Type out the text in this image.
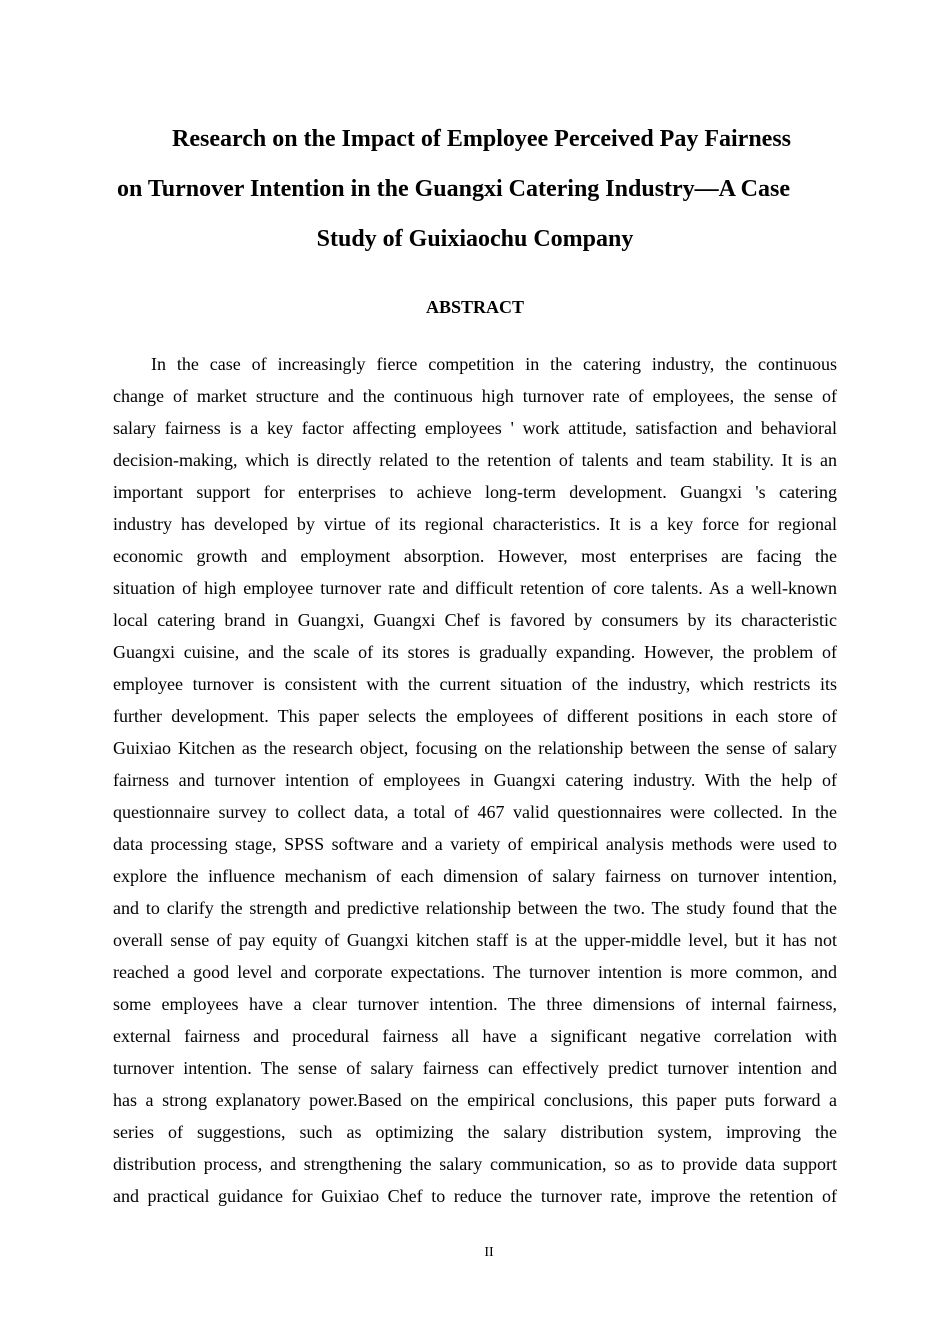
Research on the Impact of Employee Perceived Pay Fairness
on Turnover Intention in the Guangxi Catering Industry—A Case
Study of Guixiaochu Company
ABSTRACT
In the case of increasingly fierce competition in the catering industry, the continuous
change of market structure and the continuous high turnover rate of employees, the sense of
salary fairness is a key factor affecting employees ' work attitude, satisfaction and behavioral
decision-making, which is directly related to the retention of talents and team stability. It is an
important support for enterprises to achieve long-term development. Guangxi 's catering
industry has developed by virtue of its regional characteristics. It is a key force for regional
economic growth and employment absorption. However, most enterprises are facing the
situation of high employee turnover rate and difficult retention of core talents. As a well-known
local catering brand in Guangxi, Guangxi Chef is favored by consumers by its characteristic
Guangxi cuisine, and the scale of its stores is gradually expanding. However, the problem of
employee turnover is consistent with the current situation of the industry, which restricts its
further development. This paper selects the employees of different positions in each store of
Guixiao Kitchen as the research object, focusing on the relationship between the sense of salary
fairness and turnover intention of employees in Guangxi catering industry. With the help of
questionnaire survey to collect data, a total of 467 valid questionnaires were collected. In the
data processing stage, SPSS software and a variety of empirical analysis methods were used to
explore the influence mechanism of each dimension of salary fairness on turnover intention,
and to clarify the strength and predictive relationship between the two. The study found that the
overall sense of pay equity of Guangxi kitchen staff is at the upper-middle level, but it has not
reached a good level and corporate expectations. The turnover intention is more common, and
some employees have a clear turnover intention. The three dimensions of internal fairness,
external fairness and procedural fairness all have a significant negative correlation with
turnover intention. The sense of salary fairness can effectively predict turnover intention and
has a strong explanatory power.Based on the empirical conclusions, this paper puts forward a
series of suggestions, such as optimizing the salary distribution system, improving the
distribution process, and strengthening the salary communication, so as to provide data support
and practical guidance for Guixiao Chef to reduce the turnover rate, improve the retention of
II
